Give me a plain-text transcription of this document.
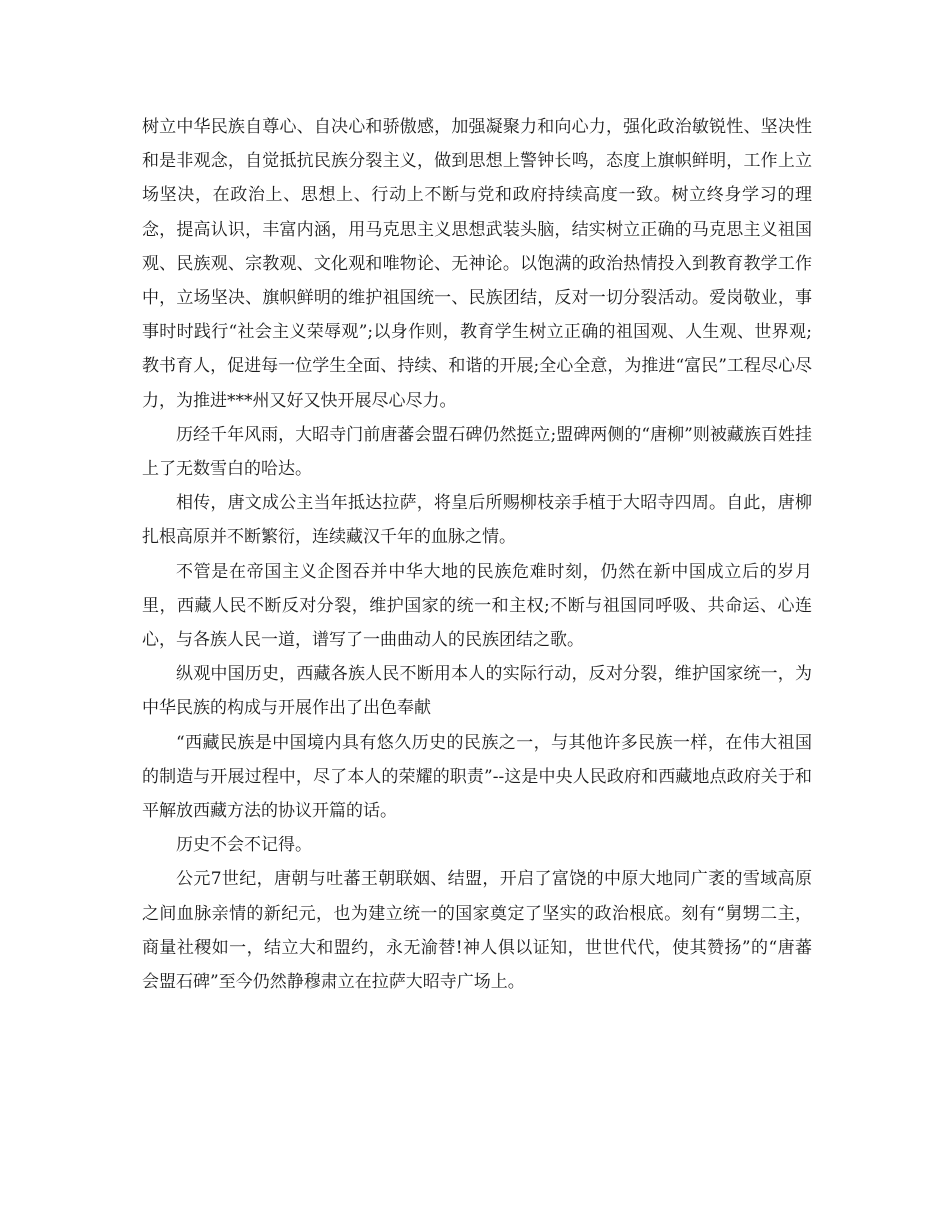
树立中华民族自尊心、自决心和骄傲感，加强凝聚力和向心力，强化政治敏锐性、坚决性和是非观念，自觉抵抗民族分裂主义，做到思想上警钟长鸣，态度上旗帜鲜明，工作上立场坚决，在政治上、思想上、行动上不断与党和政府持续高度一致。树立终身学习的理念，提高认识，丰富内涵，用马克思主义思想武装头脑，结实树立正确的马克思主义祖国观、民族观、宗教观、文化观和唯物论、无神论。以饱满的政治热情投入到教育教学工作中，立场坚决、旗帜鲜明的维护祖国统一、民族团结，反对一切分裂活动。爱岗敬业，事事时时践行“社会主义荣辱观”;以身作则，教育学生树立正确的祖国观、人生观、世界观;教书育人，促进每一位学生全面、持续、和谐的开展;全心全意，为推进“富民”工程尽心尽力，为推进***州又好又快开展尽心尽力。

历经千年风雨，大昭寺门前唐蕃会盟石碑仍然挺立;盟碑两侧的“唐柳”则被藏族百姓挂上了无数雪白的哈达。

相传，唐文成公主当年抵达拉萨，将皇后所赐柳枝亲手植于大昭寺四周。自此，唐柳扎根高原并不断繁衍，连续藏汉千年的血脉之情。

不管是在帝国主义企图吞并中华大地的民族危难时刻，仍然在新中国成立后的岁月里，西藏人民不断反对分裂，维护国家的统一和主权;不断与祖国同呼吸、共命运、心连心，与各族人民一道，谱写了一曲曲动人的民族团结之歌。

纵观中国历史，西藏各族人民不断用本人的实际行动，反对分裂，维护国家统一，为中华民族的构成与开展作出了出色奉献

“西藏民族是中国境内具有悠久历史的民族之一，与其他许多民族一样，在伟大祖国的制造与开展过程中，尽了本人的荣耀的职责”--这是中央人民政府和西藏地点政府关于和平解放西藏方法的协议开篇的话。

历史不会不记得。

公元7世纪，唐朝与吐蕃王朝联姻、结盟，开启了富饶的中原大地同广袤的雪域高原之间血脉亲情的新纪元，也为建立统一的国家奠定了坚实的政治根底。刻有“舅甥二主，商量社稷如一，结立大和盟约，永无渝替!神人俱以证知，世世代代，使其赞扬”的“唐蕃会盟石碑”至今仍然静穆肃立在拉萨大昭寺广场上。
